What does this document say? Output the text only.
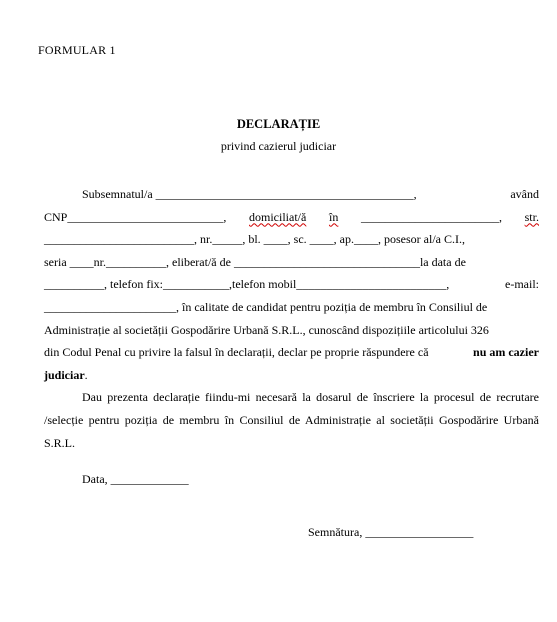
FORMULAR 1
DECLARAȚIE
privind cazierul judiciar

Subsemnatul/a ___________________________________________,	având

CNP__________________________, domiciliat/ă în _______________________, str.
_________________________, nr._____, bl. ____, sc. ____, ap.____, posesor al/a C.I.,
seria ____nr.__________, eliberat/ă de _______________________________la data de
__________, telefon fix:___________,telefon mobil_________________________,	e-mail:
______________________, în calitate de candidat pentru poziția de membru în Consiliul de
Administrație al societății Gospodărire Urbană S.R.L., cunoscând dispozițiile articolului 326
din Codul Penal cu privire la falsul în declarații, declar pe proprie răspundere că	nu am cazier
judiciar.

Dau prezenta declarație fiindu-mi necesară la dosarul de înscriere la procesul de recrutare /selecție pentru poziția de membru în Consiliul de Administrație al societății Gospodărire Urbană S.R.L.

Data, _____________
Semnătura, __________________
